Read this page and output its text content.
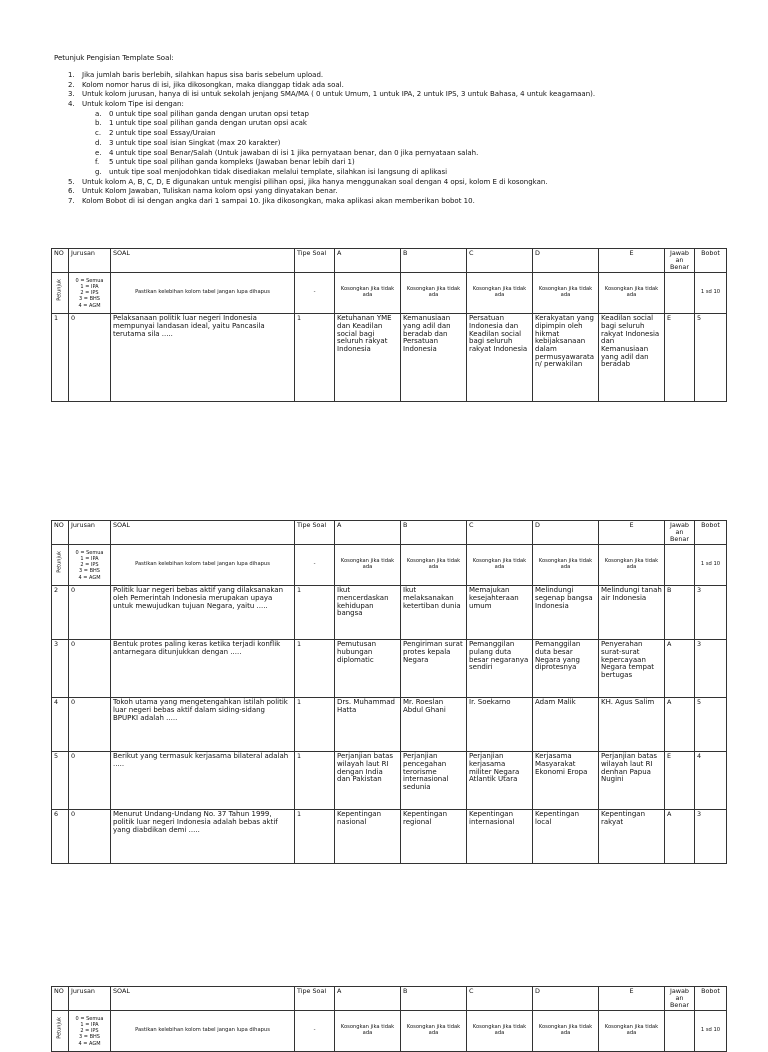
Petunjuk Pengisian Template Soal:
1. Jika jumlah baris berlebih, silahkan hapus sisa baris sebelum upload.
2. Kolom nomor harus di isi, jika dikosongkan, maka dianggap tidak ada soal.
3. Untuk kolom jurusan, hanya di isi untuk sekolah jenjang SMA/MA ( 0 untuk Umum, 1 untuk IPA, 2 untuk IPS, 3 untuk Bahasa, 4 untuk keagamaan).
4. Untuk kolom Tipe isi dengan:
a. 0 untuk tipe soal pilihan ganda dengan urutan opsi tetap
b. 1 untuk tipe soal pilihan ganda dengan urutan opsi acak
c. 2 untuk tipe soal Essay/Uraian
d. 3 untuk tipe soal isian Singkat (max 20 karakter)
e. 4 untuk tipe soal Benar/Salah (Untuk jawaban di isi 1 jika pernyataan benar, dan 0 jika pernyataan salah.
f. 5 untuk tipe soal pilihan ganda kompleks (Jawaban benar lebih dari 1)
g. untuk tipe soal menjodohkan tidak disediakan melalui template, silahkan isi langsung di aplikasi
5. Untuk kolom A, B, C, D, E digunakan untuk mengisi pilihan opsi, jika hanya menggunakan soal dengan 4 opsi, kolom E di kosongkan.
6. Untuk Kolom Jawaban, Tuliskan nama kolom opsi yang dinyatakan benar.
7. Kolom Bobot di isi dengan angka dari 1 sampai 10. Jika dikosongkan, maka aplikasi akan memberikan bobot 10.
NO	Jurusan	SOAL	Tipe Soal	A	B	C	D	E	Jawab an Benar	Bobot

Petunjuk	0 = Semua
1 = IPA
2 = IPS
3 = BHS
4 = AGM	Pastikan kelebihan kolom tabel jangan lupa dihapus	-	Kosongkan jika tidak ada	Kosongkan jika tidak ada	Kosongkan jika tidak ada	Kosongkan jika tidak ada	Kosongkan jika tidak ada		1 sd 10
1	0	Pelaksanaan politik luar negeri Indonesia mempunyai landasan ideal, yaitu Pancasila terutama sila .....	1	Ketuhanan YME dan Keadilan social bagi seluruh rakyat Indonesia	Kemanusiaan yang adil dan beradab dan Persatuan Indonesia	Persatuan Indonesia dan Keadilan social bagi seluruh rakyat Indonesia	Kerakyatan yang dipimpin oleh hikmat kebijaksanaan dalam permusyawaratan/ perwakilan	Keadilan social bagi seluruh rakyat Indonesia dan Kemanusiaan yang adil dan beradab	E	5
NO	Jurusan	SOAL	Tipe Soal	A	B	C	D	E	Jawab an Benar	Bobot

Petunjuk	0 = Semua
1 = IPA
2 = IPS
3 = BHS
4 = AGM	Pastikan kelebihan kolom tabel jangan lupa dihapus	-	Kosongkan jika tidak ada	Kosongkan jika tidak ada	Kosongkan jika tidak ada	Kosongkan jika tidak ada	Kosongkan jika tidak ada		1 sd 10
2	0	Politik luar negeri bebas aktif yang dilaksanakan oleh Pemerintah Indonesia merupakan upaya untuk mewujudkan tujuan Negara, yaitu .....	1	Ikut mencerdaskan kehidupan bangsa	Ikut melaksanakan ketertiban dunia	Memajukan kesejahteraan umum	Melindungi segenap bangsa Indonesia	Melindungi tanah air Indonesia	B	3
3	0	Bentuk protes paling keras ketika terjadi konflik antarnegara ditunjukkan dengan .....	1	Pemutusan hubungan diplomatic	Pengiriman surat protes kepala Negara	Pemanggilan pulang duta besar negaranya sendiri	Pemanggilan duta besar Negara yang diprotesnya	Penyerahan surat-surat kepercayaan Negara tempat bertugas	A	3
4	0	Tokoh utama yang mengetengahkan istilah politik luar negeri bebas aktif dalam siding-sidang BPUPKI adalah .....	1	Drs. Muhammad Hatta	Mr. Roeslan Abdul Ghani	Ir. Soekarno	Adam Malik	KH. Agus Salim	A	5
5	0	Berikut yang termasuk kerjasama bilateral adalah .....	1	Perjanjian batas wilayah laut RI dengan India dan Pakistan	Perjanjian pencegahan terorisme internasional sedunia	Perjanjian kerjasama militer Negara Atlantik Utara	Kerjasama Masyarakat Ekonomi Eropa	Perjanjian batas wilayah laut RI denhan Papua Nugini	E	4
6	0	Menurut Undang-Undang No. 37 Tahun 1999, politik luar negeri Indonesia adalah bebas aktif yang diabdikan demi .....	1	Kepentingan nasional	Kepentingan regional	Kepentingan internasional	Kepentingan local	Kepentingan rakyat	A	3
NO	Jurusan	SOAL	Tipe Soal	A	B	C	D	E	Jawab an Benar	Bobot

Petunjuk	0 = Semua
1 = IPA
2 = IPS
3 = BHS
4 = AGM	Pastikan kelebihan kolom tabel jangan lupa dihapus	-	Kosongkan jika tidak ada	Kosongkan jika tidak ada	Kosongkan jika tidak ada	Kosongkan jika tidak ada	Kosongkan jika tidak ada		1 sd 10
